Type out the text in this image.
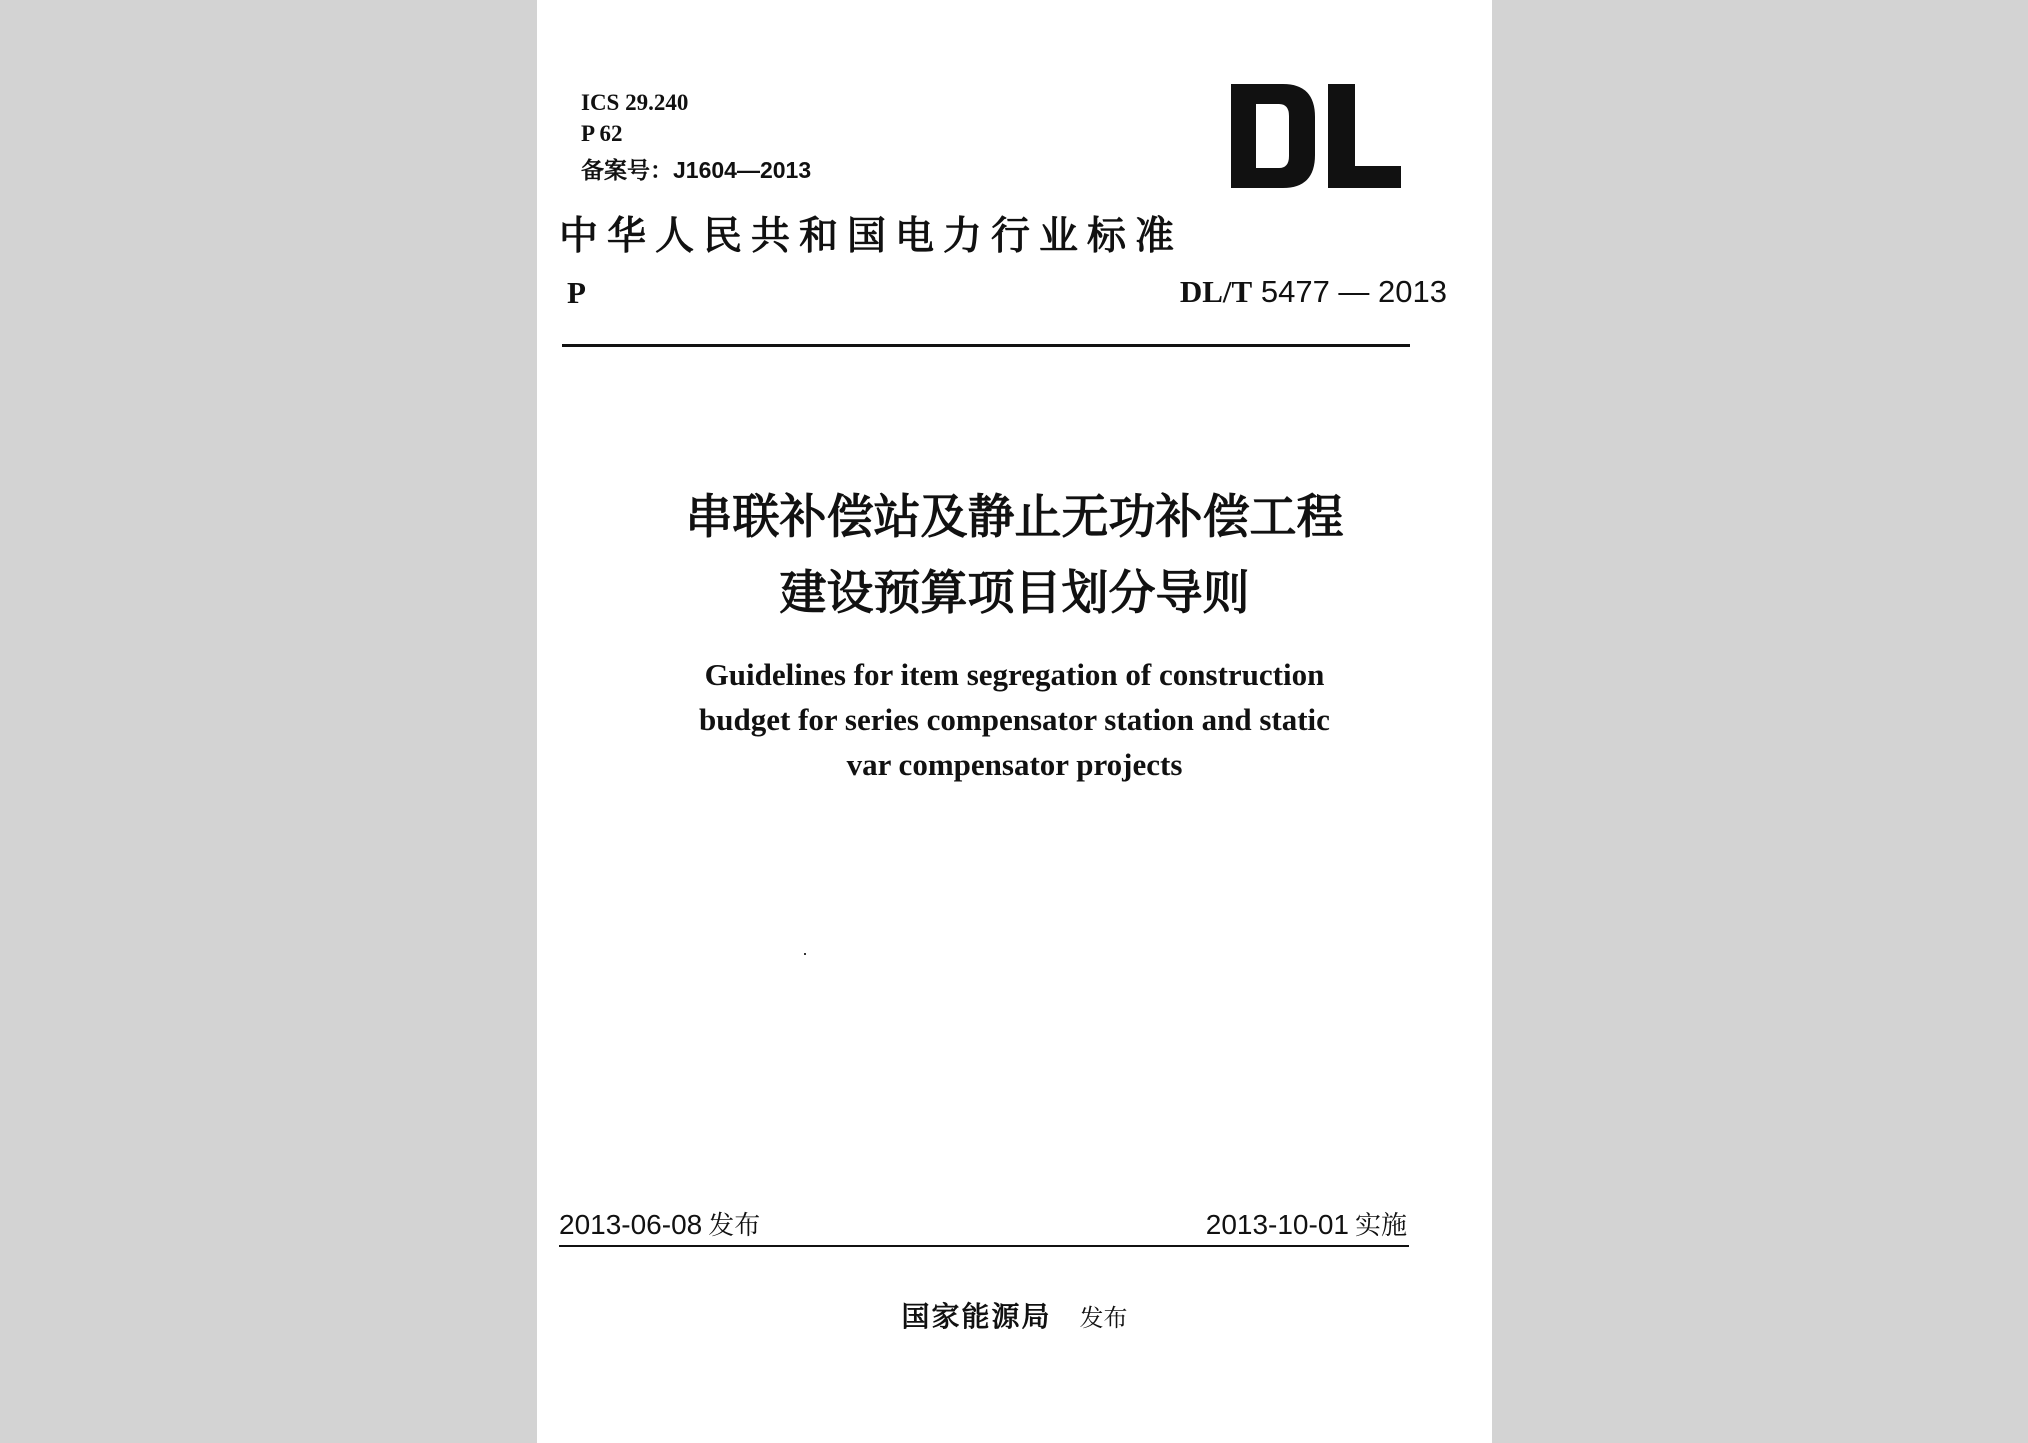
ICS 29.240
P 62
备案号：J1604—2013
中华人民共和国电力行业标准
P	DL/T 5477 — 2013
串联补偿站及静止无功补偿工程
建设预算项目划分导则
Guidelines for item segregation of construction
budget for series compensator station and static
var compensator projects
2013-06-08 发布	2013-10-01 实施
国家能源局 发布
